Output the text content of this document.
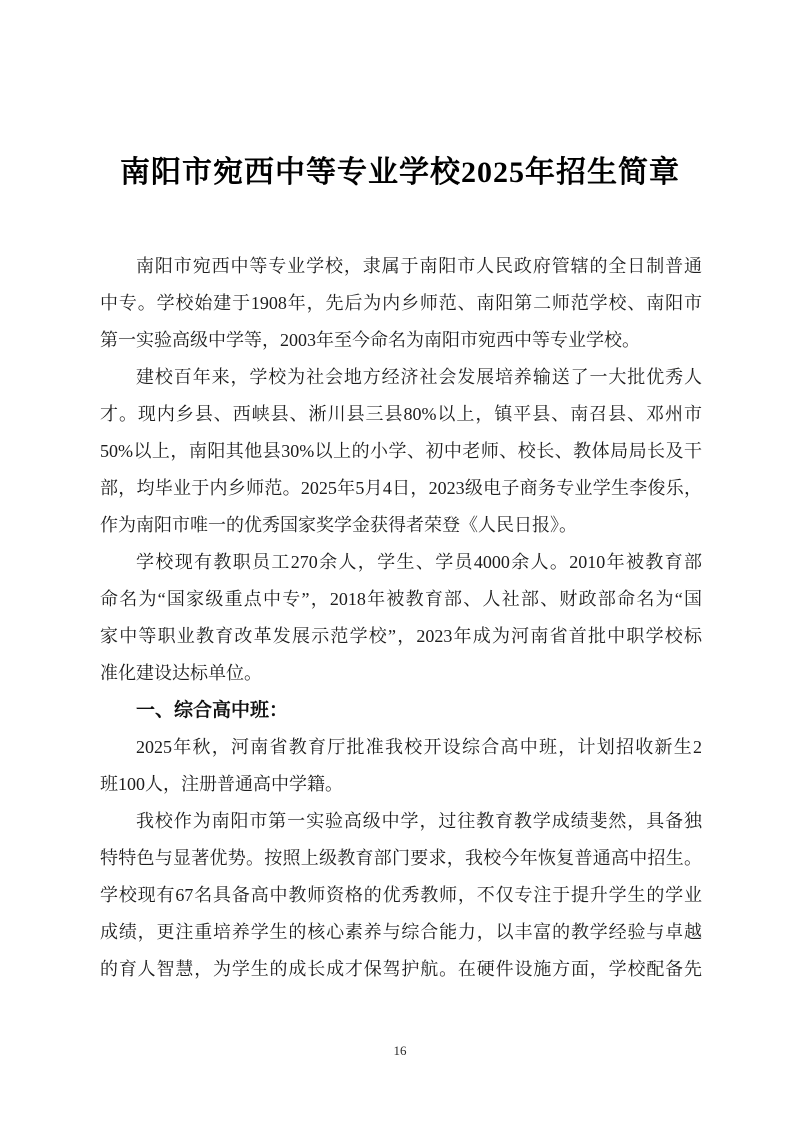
南阳市宛西中等专业学校2025年招生简章
南阳市宛西中等专业学校，隶属于南阳市人民政府管辖的全日制普通
中专。学校始建于1908年，先后为内乡师范、南阳第二师范学校、南阳市
第一实验高级中学等，2003年至今命名为南阳市宛西中等专业学校。
建校百年来，学校为社会地方经济社会发展培养输送了一大批优秀人
才。现内乡县、西峡县、淅川县三县80%以上，镇平县、南召县、邓州市
50%以上，南阳其他县30%以上的小学、初中老师、校长、教体局局长及干
部，均毕业于内乡师范。2025年5月4日，2023级电子商务专业学生李俊乐，
作为南阳市唯一的优秀国家奖学金获得者荣登《人民日报》。
学校现有教职员工270余人，学生、学员4000余人。2010年被教育部
命名为“国家级重点中专”，2018年被教育部、人社部、财政部命名为“国
家中等职业教育改革发展示范学校”，2023年成为河南省首批中职学校标
准化建设达标单位。
一、综合高中班：
2025年秋，河南省教育厅批准我校开设综合高中班，计划招收新生2
班100人，注册普通高中学籍。
我校作为南阳市第一实验高级中学，过往教育教学成绩斐然，具备独
特特色与显著优势。按照上级教育部门要求，我校今年恢复普通高中招生。
学校现有67名具备高中教师资格的优秀教师，不仅专注于提升学生的学业
成绩，更注重培养学生的核心素养与综合能力，以丰富的教学经验与卓越
的育人智慧，为学生的成长成才保驾护航。在硬件设施方面，学校配备先
16
